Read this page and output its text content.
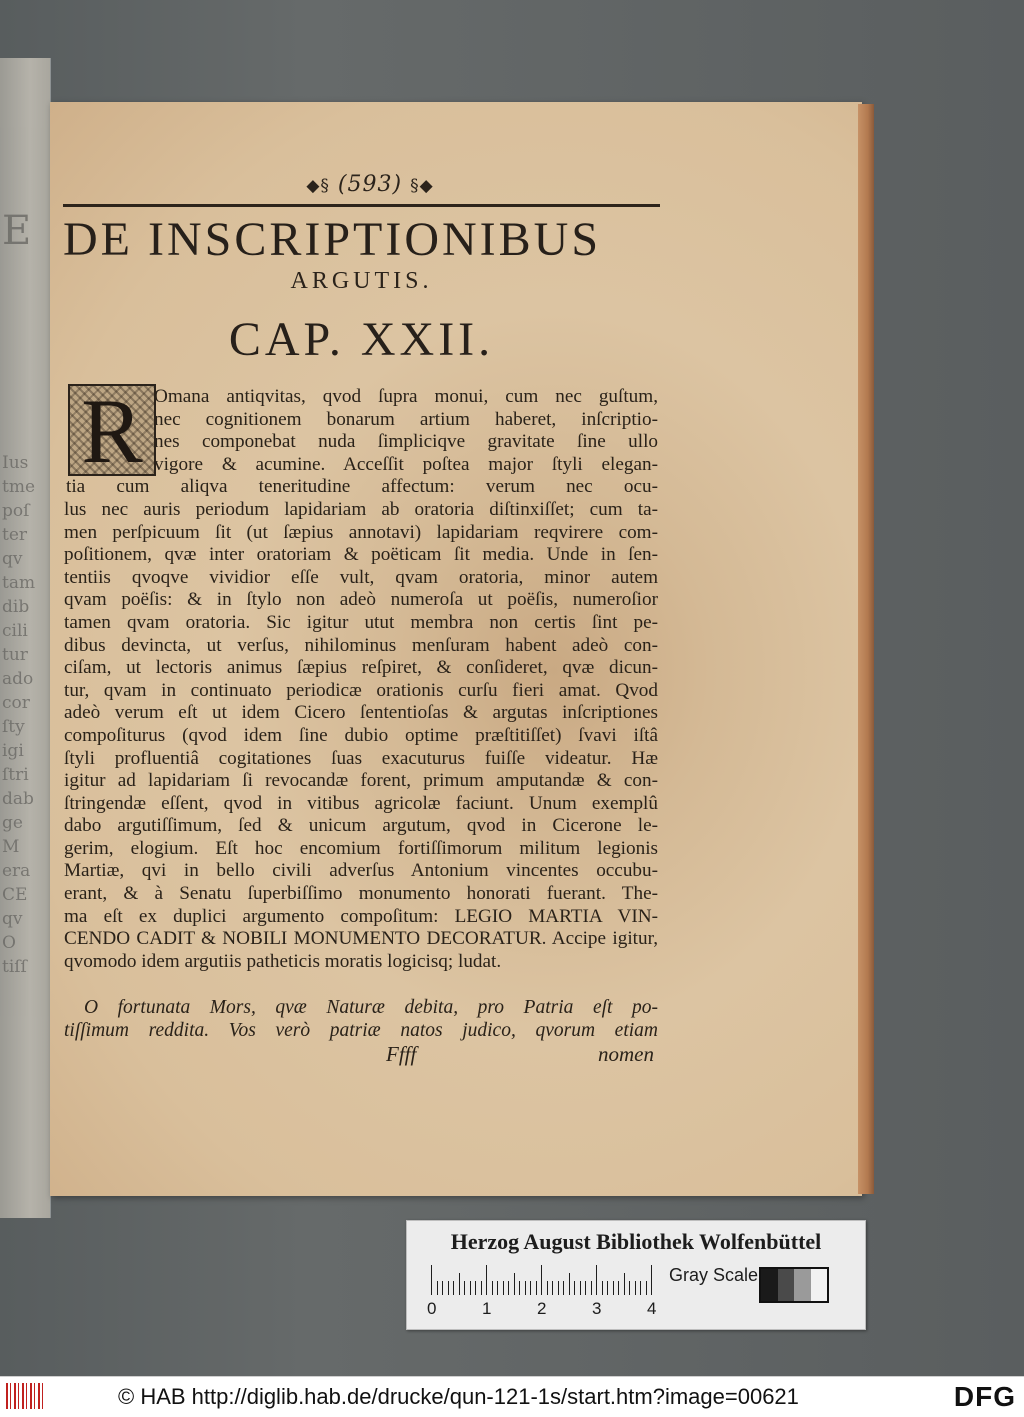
E
Ius
tme
poſ
ter
qv
tam
dib
cili
tur
ado
cor
ſty
igi
ſtri
dab
ge
M
era
CE
qv
O
tiſſ
◆§ (593) §◆
DE INSCRIPTIONIBUS
ARGUTIS.
CAP. XXII.
R Omana antiqvitas, qvod ſupra monui, cum nec guſtum,
nec cognitionem bonarum artium haberet, inſcriptio-
nes componebat nuda ſimpliciqve gravitate ſine ullo
vigore & acumine. Acceſſit poſtea major ſtyli elegan-
tia cum aliqva teneritudine affectum: verum nec ocu-
lus nec auris periodum lapidariam ab oratoria diſtinxiſſet; cum ta-
men perſpicuum ſit (ut ſæpius annotavi) lapidariam reqvirere com-
poſitionem, qvæ inter oratoriam & poëticam ſit media. Unde in ſen-
tentiis qvoqve vividior eſſe vult, qvam oratoria, minor autem
qvam poëſis: & in ſtylo non adeò numeroſa ut poëſis, numeroſior
tamen qvam oratoria. Sic igitur utut membra non certis ſint pe-
dibus devincta, ut verſus, nihilominus menſuram habent adeò con-
ciſam, ut lectoris animus ſæpius reſpiret, & conſideret, qvæ dicun-
tur, qvam in continuato periodicæ orationis curſu fieri amat. Qvod
adeò verum eſt ut idem Cicero ſententioſas & argutas inſcriptiones
compoſiturus (qvod idem ſine dubio optime præſtitiſſet) ſvavi iſtâ
ſtyli profluentiâ cogitationes ſuas exacuturus fuiſſe videatur. Hæ
igitur ad lapidariam ſi revocandæ forent, primum amputandæ & con-
ſtringendæ eſſent, qvod in vitibus agricolæ faciunt. Unum exemplû
dabo argutiſſimum, ſed & unicum argutum, qvod in Cicerone le-
gerim, elogium. Eſt hoc encomium fortiſſimorum militum legionis
Martiæ, qvi in bello civili adverſus Antonium vincentes occubu-
erant, & à Senatu ſuperbiſſimo monumento honorati fuerant. The-
ma eſt ex duplici argumento compoſitum: LEGIO MARTIA VIN-
CENDO CADIT & NOBILI MONUMENTO DECORATUR. Accipe igitur,
qvomodo idem argutiis patheticis moratis logicisq; ludat.
O fortunata Mors, qvæ Naturæ debita, pro Patria eſt po-
tiſſimum reddita. Vos verò patriæ natos judico, qvorum etiam
Ffff	nomen
Herzog August Bibliothek Wolfenbüttel
Gray Scale
0	1	2	3	4
© HAB http://diglib.hab.de/drucke/qun-121-1s/start.htm?image=00621	DFG
